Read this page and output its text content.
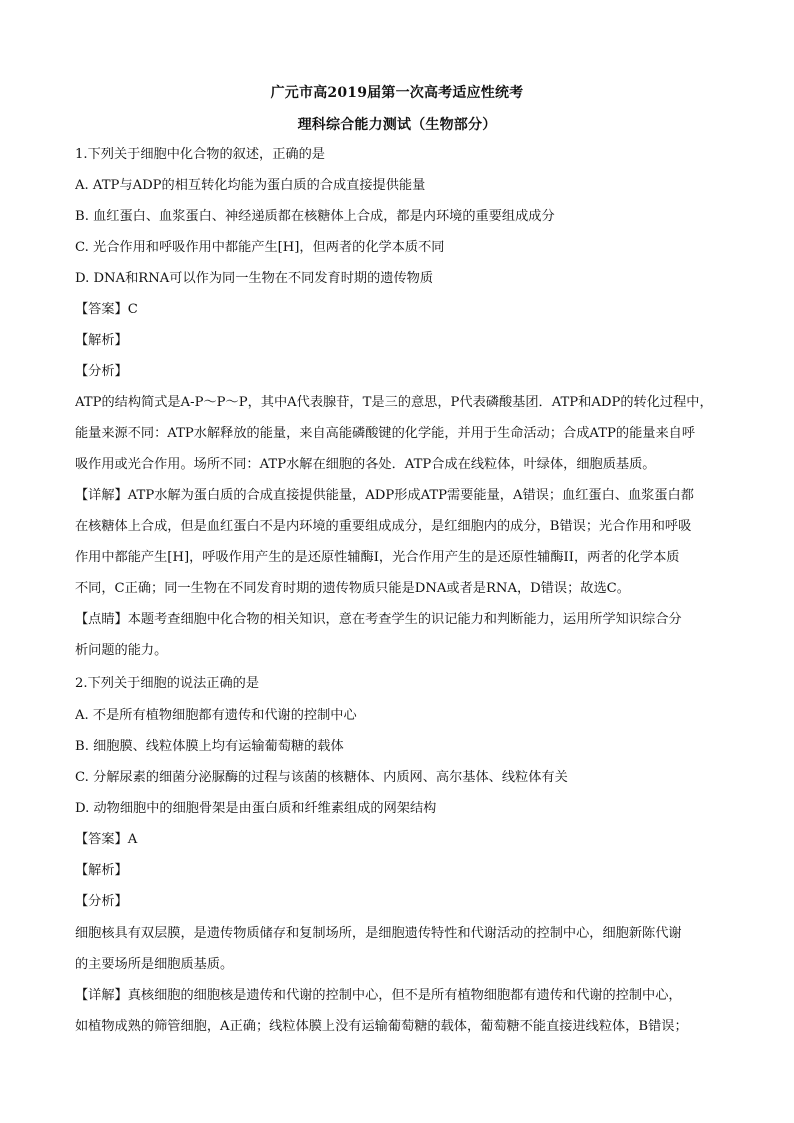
广元市高2019届第一次高考适应性统考
理科综合能力测试（生物部分）
1.下列关于细胞中化合物的叙述，正确的是
A. ATP与ADP的相互转化均能为蛋白质的合成直接提供能量
B. 血红蛋白、血浆蛋白、神经递质都在核糖体上合成，都是内环境的重要组成成分
C. 光合作用和呼吸作用中都能产生[H]，但两者的化学本质不同
D. DNA和RNA可以作为同一生物在不同发育时期的遗传物质
【答案】C
【解析】
【分析】
ATP的结构简式是A-P～P～P，其中A代表腺苷，T是三的意思，P代表磷酸基团．ATP和ADP的转化过程中，
能量来源不同：ATP水解释放的能量，来自高能磷酸键的化学能，并用于生命活动；合成ATP的能量来自呼
吸作用或光合作用。场所不同：ATP水解在细胞的各处．ATP合成在线粒体，叶绿体，细胞质基质。
【详解】ATP水解为蛋白质的合成直接提供能量，ADP形成ATP需要能量，A错误；血红蛋白、血浆蛋白都
在核糖体上合成，但是血红蛋白不是内环境的重要组成成分，是红细胞内的成分，B错误；光合作用和呼吸
作用中都能产生[H]，呼吸作用产生的是还原性辅酶I，光合作用产生的是还原性辅酶II，两者的化学本质
不同，C正确；同一生物在不同发育时期的遗传物质只能是DNA或者是RNA，D错误；故选C。
【点睛】本题考查细胞中化合物的相关知识，意在考查学生的识记能力和判断能力，运用所学知识综合分
析问题的能力。
2.下列关于细胞的说法正确的是
A. 不是所有植物细胞都有遗传和代谢的控制中心
B. 细胞膜、线粒体膜上均有运输葡萄糖的载体
C. 分解尿素的细菌分泌脲酶的过程与该菌的核糖体、内质网、高尔基体、线粒体有关
D. 动物细胞中的细胞骨架是由蛋白质和纤维素组成的网架结构
【答案】A
【解析】
【分析】
细胞核具有双层膜，是遗传物质储存和复制场所，是细胞遗传特性和代谢活动的控制中心，细胞新陈代谢
的主要场所是细胞质基质。
【详解】真核细胞的细胞核是遗传和代谢的控制中心，但不是所有植物细胞都有遗传和代谢的控制中心，
如植物成熟的筛管细胞，A正确；线粒体膜上没有运输葡萄糖的载体，葡萄糖不能直接进线粒体，B错误；
